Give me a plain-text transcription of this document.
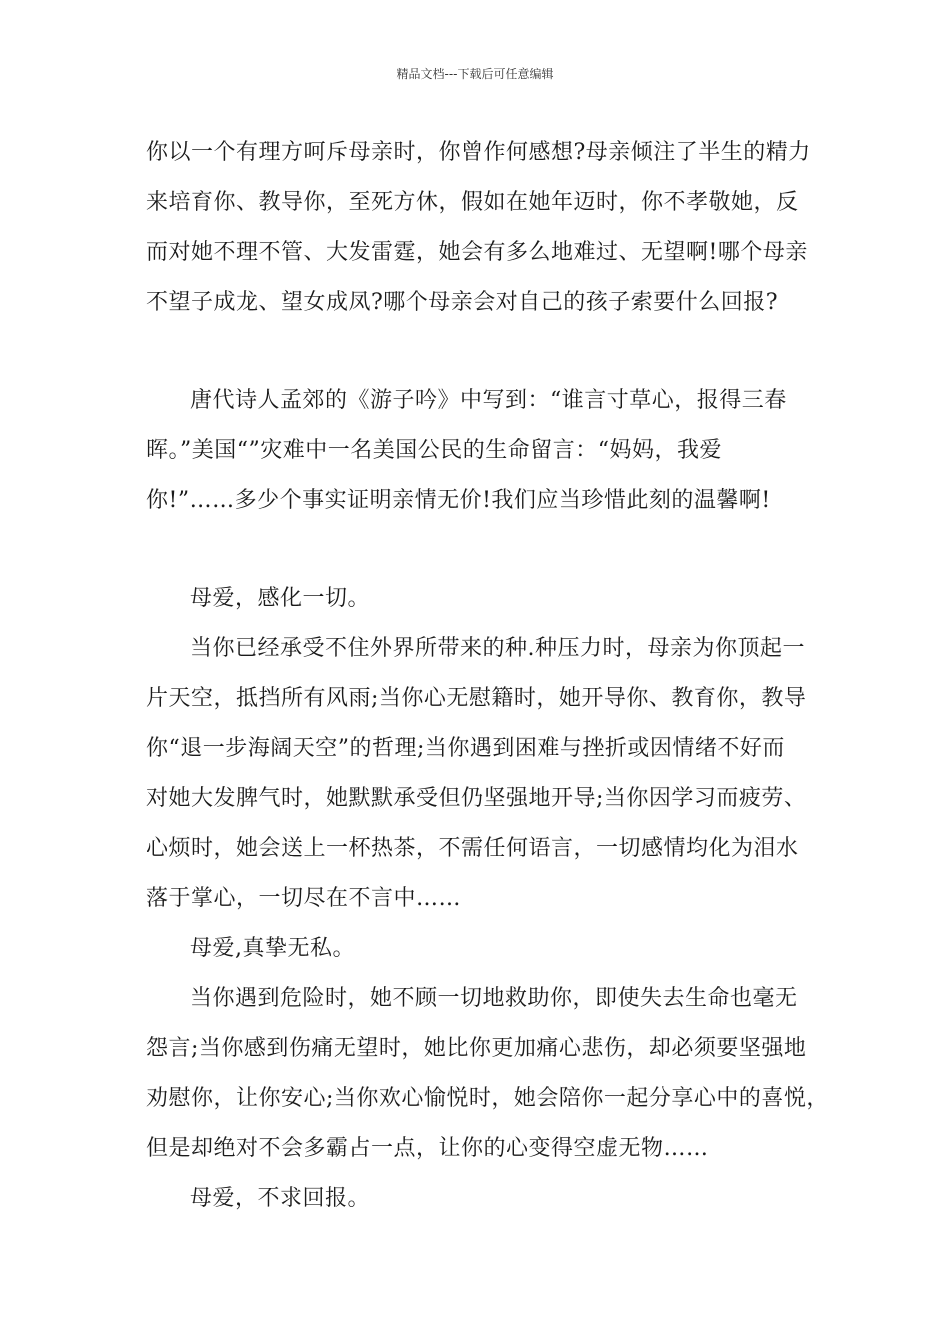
精品文档---下载后可任意编辑
你以一个有理方呵斥母亲时，你曾作何感想?母亲倾注了半生的精力
来培育你、教导你，至死方休，假如在她年迈时，你不孝敬她，反
而对她不理不管、大发雷霆，她会有多么地难过、无望啊!哪个母亲
不望子成龙、望女成凤?哪个母亲会对自己的孩子索要什么回报?
唐代诗人孟郊的《游子吟》中写到：“谁言寸草心，报得三春
晖。”美国“”灾难中一名美国公民的生命留言：“妈妈，我爱
你!”……多少个事实证明亲情无价!我们应当珍惜此刻的温馨啊!
母爱，感化一切。
当你已经承受不住外界所带来的种.种压力时，母亲为你顶起一
片天空，抵挡所有风雨;当你心无慰籍时，她开导你、教育你，教导
你“退一步海阔天空”的哲理;当你遇到困难与挫折或因情绪不好而
对她大发脾气时，她默默承受但仍坚强地开导;当你因学习而疲劳、
心烦时，她会送上一杯热茶，不需任何语言，一切感情均化为泪水
落于掌心，一切尽在不言中……
母爱,真挚无私。
当你遇到危险时，她不顾一切地救助你，即使失去生命也毫无
怨言;当你感到伤痛无望时，她比你更加痛心悲伤，却必须要坚强地
劝慰你，让你安心;当你欢心愉悦时，她会陪你一起分享心中的喜悦，
但是却绝对不会多霸占一点，让你的心变得空虚无物……
母爱，不求回报。
